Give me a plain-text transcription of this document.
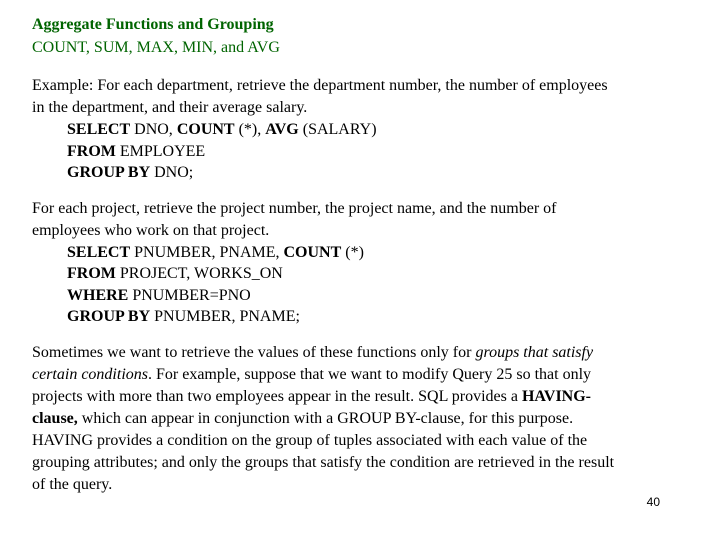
Aggregate Functions and Grouping
COUNT, SUM, MAX, MIN, and AVG
Example: For each department, retrieve the department number, the number of employees
in the department, and their average salary.
SELECT DNO, COUNT (*), AVG (SALARY)
FROM EMPLOYEE
GROUP BY DNO;
For each project, retrieve the project number, the project name, and the number of
employees who work on that project.
SELECT PNUMBER, PNAME, COUNT (*)
FROM PROJECT, WORKS_ON
WHERE PNUMBER=PNO
GROUP BY PNUMBER, PNAME;
Sometimes we want to retrieve the values of these functions only for groups that satisfy
certain conditions. For example, suppose that we want to modify Query 25 so that only
projects with more than two employees appear in the result. SQL provides a HAVING-
clause, which can appear in conjunction with a GROUP BY-clause, for this purpose.
HAVING provides a condition on the group of tuples associated with each value of the
grouping attributes; and only the groups that satisfy the condition are retrieved in the result
of the query.
40
